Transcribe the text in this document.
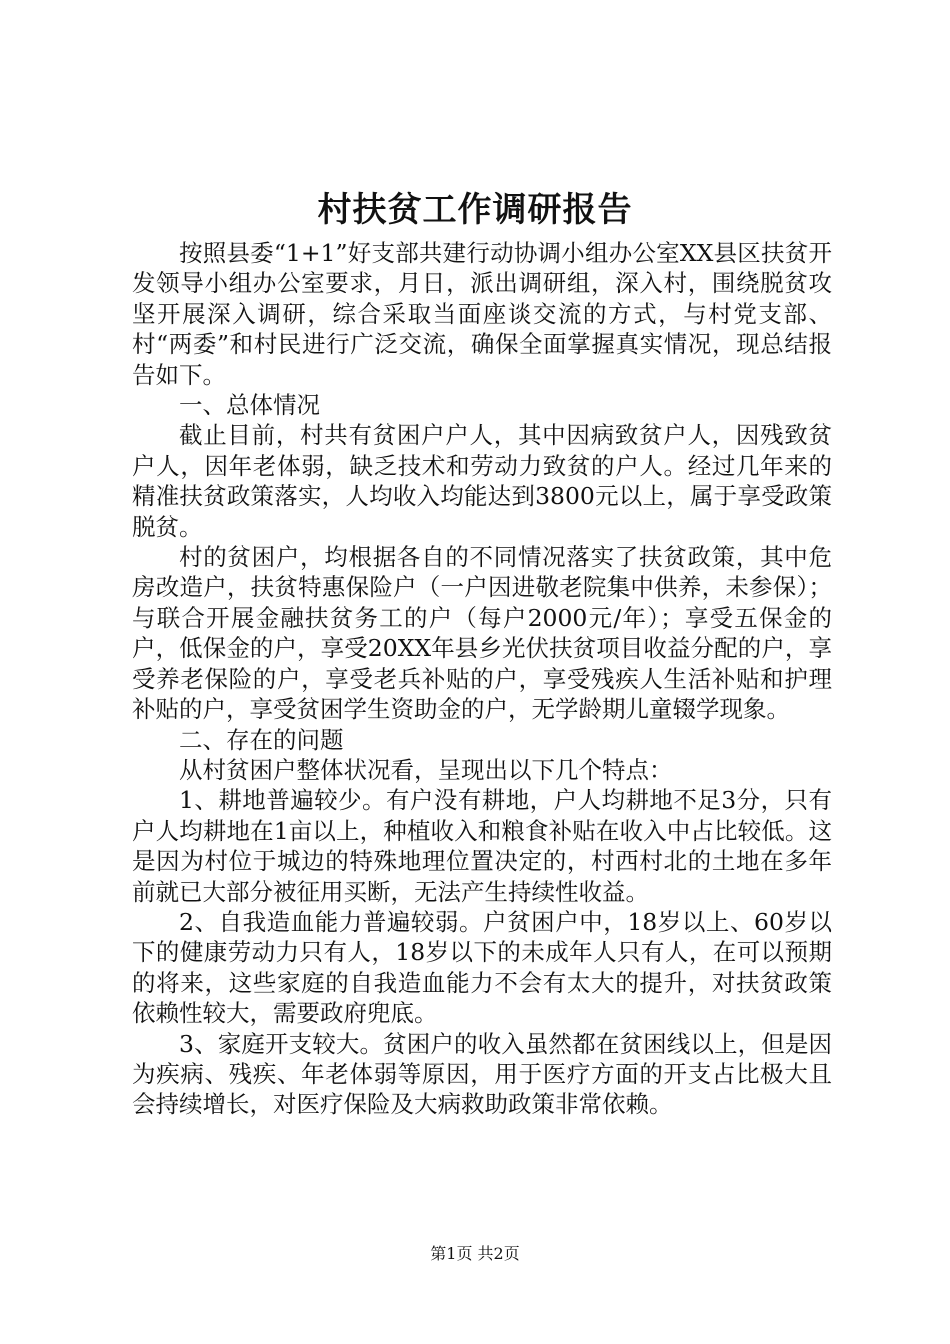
村扶贫工作调研报告

按照县委“1+1”好支部共建行动协调小组办公室XX县区扶贫开发领导小组办公室要求，月日，派出调研组，深入村，围绕脱贫攻坚开展深入调研，综合采取当面座谈交流的方式，与村党支部、村“两委”和村民进行广泛交流，确保全面掌握真实情况，现总结报告如下。

一、总体情况

截止目前，村共有贫困户户人，其中因病致贫户人，因残致贫户人，因年老体弱，缺乏技术和劳动力致贫的户人。经过几年来的精准扶贫政策落实，人均收入均能达到3800元以上，属于享受政策脱贫。

村的贫困户，均根据各自的不同情况落实了扶贫政策，其中危房改造户，扶贫特惠保险户（一户因进敬老院集中供养，未参保）；与联合开展金融扶贫务工的户（每户2000元/年）；享受五保金的户，低保金的户，享受20XX年县乡光伏扶贫项目收益分配的户，享受养老保险的户，享受老兵补贴的户，享受残疾人生活补贴和护理补贴的户，享受贫困学生资助金的户，无学龄期儿童辍学现象。

二、存在的问题

从村贫困户整体状况看，呈现出以下几个特点：

1、耕地普遍较少。有户没有耕地，户人均耕地不足3分，只有户人均耕地在1亩以上，种植收入和粮食补贴在收入中占比较低。这是因为村位于城边的特殊地理位置决定的，村西村北的土地在多年前就已大部分被征用买断，无法产生持续性收益。

2、自我造血能力普遍较弱。户贫困户中，18岁以上、60岁以下的健康劳动力只有人，18岁以下的未成年人只有人，在可以预期的将来，这些家庭的自我造血能力不会有太大的提升，对扶贫政策依赖性较大，需要政府兜底。

3、家庭开支较大。贫困户的收入虽然都在贫困线以上，但是因为疾病、残疾、年老体弱等原因，用于医疗方面的开支占比极大且会持续增长，对医疗保险及大病救助政策非常依赖。

第1页 共2页
